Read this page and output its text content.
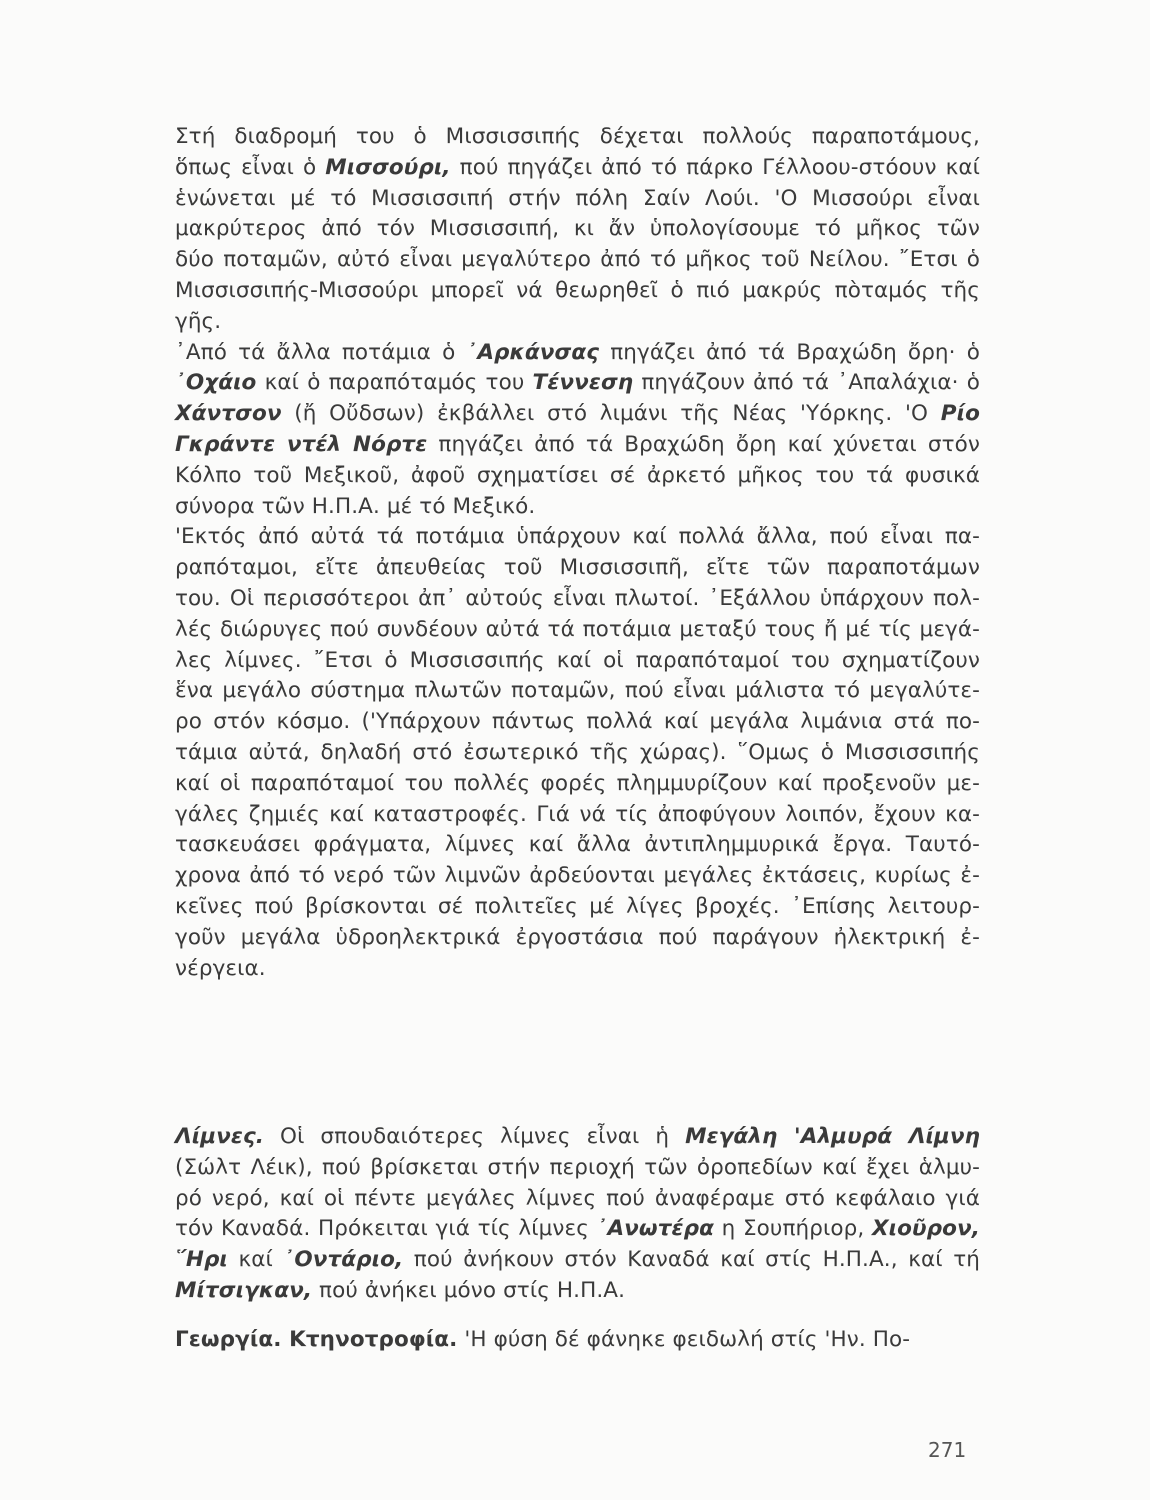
Στή διαδρομή του ὁ Μισσισσιπής δέχεται πολλούς παραποτάμους,
ὅπως εἶναι ὁ Μισσούρι, πού πηγάζει ἀπό τό πάρκο Γέλλοου-στόουν καί
ἑνώνεται μέ τό Μισσισσιπή στήν πόλη Σαίν Λούι. 'Ο Μισσούρι εἶναι
μακρύτερος ἀπό τόν Μισσισσιπή, κι ἄν ὑπολογίσουμε τό μῆκος τῶν
δύο ποταμῶν, αὐτό εἶναι μεγαλύτερο ἀπό τό μῆκος τοῦ Νείλου. ῎Ετσι ὁ
Μισσισσιπής-Μισσούρι μπορεῖ νά θεωρηθεῖ ὁ πιό μακρύς πὸταμός τῆς
γῆς.
᾿Από τά ἄλλα ποτάμια ὁ ᾿Αρκάνσας πηγάζει ἀπό τά Βραχώδη ὄρη· ὁ
᾿Οχάιο καί ὁ παραπόταμός του Τέννεση πηγάζουν ἀπό τά ᾿Απαλάχια· ὁ
Χάντσον (ἤ Οὔδσων) ἐκβάλλει στό λιμάνι τῆς Νέας 'Υόρκης. 'Ο Ρίο
Γκράντε ντέλ Νόρτε πηγάζει ἀπό τά Βραχώδη ὄρη καί χύνεται στόν
Κόλπο τοῦ Μεξικοῦ, ἀφοῦ σχηματίσει σέ ἀρκετό μῆκος του τά φυσικά
σύνορα τῶν Η.Π.Α. μέ τό Μεξικό.
'Εκτός ἀπό αὐτά τά ποτάμια ὑπάρχουν καί πολλά ἄλλα, πού εἶναι πα-
ραπόταμοι, εἴτε ἀπευθείας τοῦ Μισσισσιπῆ, εἴτε τῶν παραποτάμων
του. Οἱ περισσότεροι ἀπ᾿ αὐτούς εἶναι πλωτοί. ᾿Εξάλλου ὑπάρχουν πολ-
λές διώρυγες πού συνδέουν αὐτά τά ποτάμια μεταξύ τους ἤ μέ τίς μεγά-
λες λίμνες. ῎Ετσι ὁ Μισσισσιπής καί οἱ παραπόταμοί του σχηματίζουν
ἕνα μεγάλο σύστημα πλωτῶν ποταμῶν, πού εἶναι μάλιστα τό μεγαλύτε-
ρο στόν κόσμο. ('Υπάρχουν πάντως πολλά καί μεγάλα λιμάνια στά πο-
τάμια αὐτά, δηλαδή στό ἐσωτερικό τῆς χώρας). ῞Ομως ὁ Μισσισσιπής
καί οἱ παραπόταμοί του πολλές φορές πλημμυρίζουν καί προξενοῦν με-
γάλες ζημιές καί καταστροφές. Γιά νά τίς ἀποφύγουν λοιπόν, ἔχουν κα-
τασκευάσει φράγματα, λίμνες καί ἄλλα ἀντιπλημμυρικά ἔργα. Ταυτό-
χρονα ἀπό τό νερό τῶν λιμνῶν ἀρδεύονται μεγάλες ἐκτάσεις, κυρίως ἐ-
κεῖνες πού βρίσκονται σέ πολιτεῖες μέ λίγες βροχές. ᾿Επίσης λειτουρ-
γοῦν μεγάλα ὑδροηλεκτρικά ἐργοστάσια πού παράγουν ἠλεκτρική ἐ-
νέργεια.
Λίμνες. Οἱ σπουδαιότερες λίμνες εἶναι ἡ Μεγάλη 'Αλμυρά Λίμνη
(Σώλτ Λέικ), πού βρίσκεται στήν περιοχή τῶν ὀροπεδίων καί ἔχει ἁλμυ-
ρό νερό, καί οἱ πέντε μεγάλες λίμνες πού ἀναφέραμε στό κεφάλαιο γιά
τόν Καναδά. Πρόκειται γιά τίς λίμνες ᾿Ανωτέρα η Σουπήριορ, Χιοῦρον,
῞Ηρι καί ᾿Οντάριο, πού ἀνήκουν στόν Καναδά καί στίς Η.Π.Α., καί τή
Μίτσιγκαν, πού ἀνήκει μόνο στίς Η.Π.Α.
Γεωργία. Κτηνοτροφία. 'Η φύση δέ φάνηκε φειδωλή στίς 'Ην. Πο-
271
